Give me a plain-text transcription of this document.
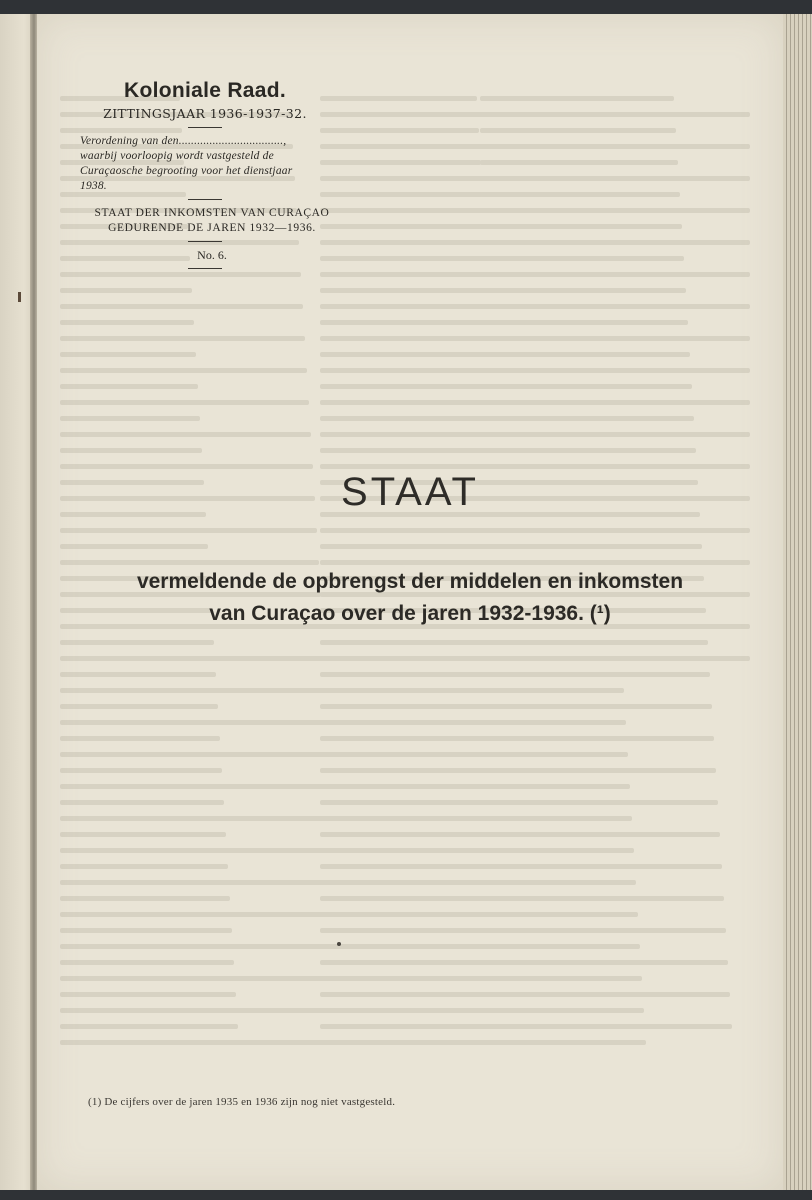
Koloniale Raad.

ZITTINGSJAAR 1936-1937-32.

Verordening van den..................................,
waarbij voorloopig wordt vastgesteld de
Curaçaosche begrooting voor het dienstjaar
1938.

STAAT DER INKOMSTEN VAN CURAÇAO
GEDURENDE DE JAREN 1932—1936.

No. 6.

STAAT

vermeldende de opbrengst der middelen en inkomsten
van Curaçao over de jaren 1932-1936. (¹)

(1) De cijfers over de jaren 1935 en 1936 zijn nog niet vastgesteld.
